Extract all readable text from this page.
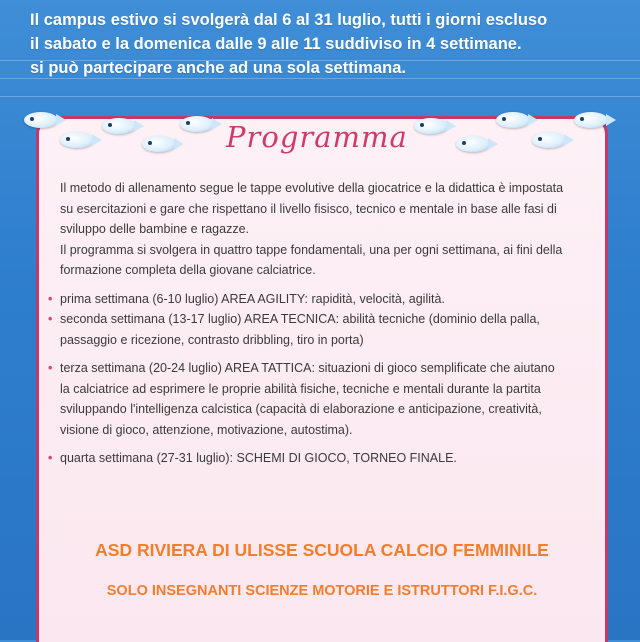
Il campus estivo si svolgerà dal 6 al 31 luglio, tutti i giorni escluso
il sabato e la domenica dalle 9 alle 11 suddiviso in 4 settimane.
si può partecipare anche ad una sola settimana.
Programma
Il metodo di allenamento segue le tappe evolutive della giocatrice e la didattica è impostata
su esercitazioni e gare che rispettano il livello fisisco, tecnico e mentale in base alle fasi di
sviluppo delle bambine e ragazze.
Il programma si svolgera in quattro tappe fondamentali, una per ogni settimana, ai fini della
formazione completa della giovane calciatrice.
• prima settimana (6-10 luglio) AREA AGILITY: rapidità, velocità, agilità.
• seconda settimana (13-17 luglio) AREA TECNICA: abilità tecniche (dominio della palla,
passaggio e ricezione, contrasto dribbling, tiro in porta)
• terza settimana (20-24 luglio) AREA TATTICA: situazioni di gioco semplificate che aiutano
la calciatrice ad esprimere le proprie abilità fisiche, tecniche e mentali durante la partita
sviluppando l'intelligenza calcistica (capacità di elaborazione e anticipazione, creatività,
visione di gioco, attenzione, motivazione, autostima).
• quarta settimana (27-31 luglio): SCHEMI DI GIOCO, TORNEO FINALE.
ASD RIVIERA DI ULISSE SCUOLA CALCIO FEMMINILE
SOLO INSEGNANTI SCIENZE MOTORIE E ISTRUTTORI F.I.G.C.
